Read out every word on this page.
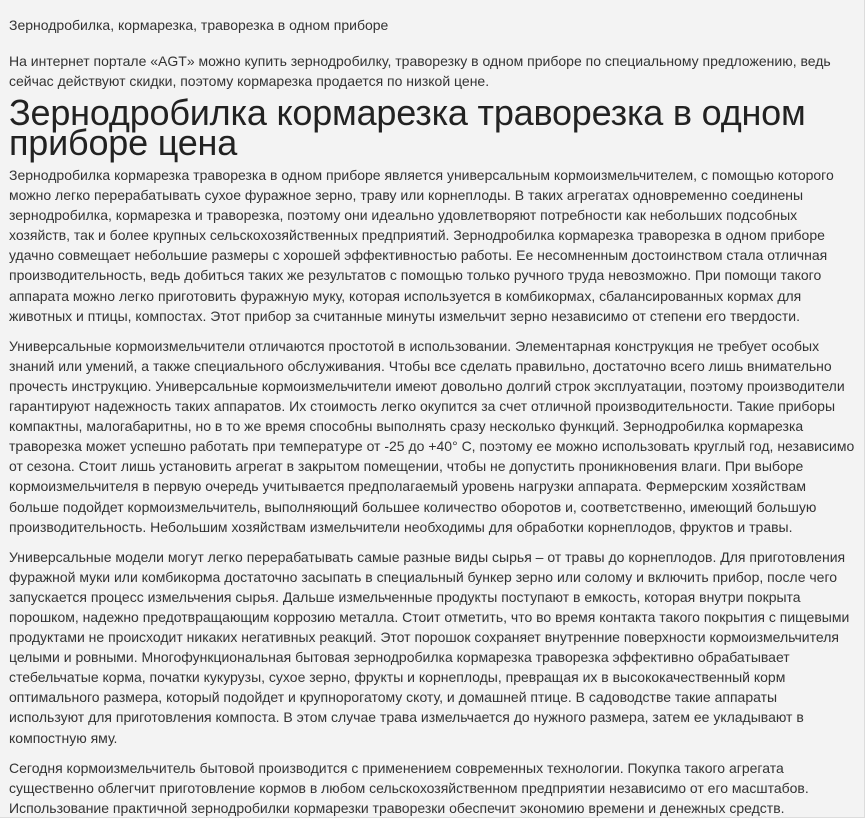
Зернодробилка, кормарезка, траворезка в одном приборе

На интернет портале «AGT» можно купить зернодробилку, траворезку в одном приборе по специальному предложению, ведь сейчас действуют скидки, поэтому кормарезка продается по низкой цене.

Зернодробилка кормарезка траворезка в одном приборе цена

Зернодробилка кормарезка траворезка в одном приборе является универсальным кормоизмельчителем, с помощью которого можно легко перерабатывать сухое фуражное зерно, траву или корнеплоды. В таких агрегатах одновременно соединены зернодробилка, кормарезка и траворезка, поэтому они идеально удовлетворяют потребности как небольших подсобных хозяйств, так и более крупных сельскохозяйственных предприятий. Зернодробилка кормарезка траворезка в одном приборе удачно совмещает небольшие размеры с хорошей эффективностью работы. Ее несомненным достоинством стала отличная производительность, ведь добиться таких же результатов с помощью только ручного труда невозможно. При помощи такого аппарата можно легко приготовить фуражную муку, которая используется в комбикормах, сбалансированных кормах для животных и птицы, компостах. Этот прибор за считанные минуты измельчит зерно независимо от степени его твердости.

Универсальные кормоизмельчители отличаются простотой в использовании. Элементарная конструкция не требует особых знаний или умений, а также специального обслуживания. Чтобы все сделать правильно, достаточно всего лишь внимательно прочесть инструкцию. Универсальные кормоизмельчители имеют довольно долгий строк эксплуатации, поэтому производители гарантируют надежность таких аппаратов. Их стоимость легко окупится за счет отличной производительности. Такие приборы компактны, малогабаритны, но в то же время способны выполнять сразу несколько функций. Зернодробилка кормарезка траворезка может успешно работать при температуре от -25 до +40° С, поэтому ее можно использовать круглый год, независимо от сезона. Стоит лишь установить агрегат в закрытом помещении, чтобы не допустить проникновения влаги. При выборе кормоизмельчителя в первую очередь учитывается предполагаемый уровень нагрузки аппарата. Фермерским хозяйствам больше подойдет кормоизмельчитель, выполняющий большее количество оборотов и, соответственно, имеющий большую производительность. Небольшим хозяйствам измельчители необходимы для обработки корнеплодов, фруктов и травы.

Универсальные модели могут легко перерабатывать самые разные виды сырья – от травы до корнеплодов. Для приготовления фуражной муки или комбикорма достаточно засыпать в специальный бункер зерно или солому и включить прибор, после чего запускается процесс измельчения сырья. Дальше измельченные продукты поступают в емкость, которая внутри покрыта порошком, надежно предотвращающим коррозию металла. Стоит отметить, что во время контакта такого покрытия с пищевыми продуктами не происходит никаких негативных реакций. Этот порошок сохраняет внутренние поверхности кормоизмельчителя целыми и ровными. Многофункциональная бытовая зернодробилка кормарезка траворезка эффективно обрабатывает стебельчатые корма, початки кукурузы, сухое зерно, фрукты и корнеплоды, превращая их в высококачественный корм оптимального размера, который подойдет и крупнорогатому скоту, и домашней птице. В садоводстве такие аппараты используют для приготовления компоста. В этом случае трава измельчается до нужного размера, затем ее укладывают в компостную яму.

Сегодня кормоизмельчитель бытовой производится с применением современных технологии. Покупка такого агрегата существенно облегчит приготовление кормов в любом сельскохозяйственном предприятии независимо от его масштабов. Использование практичной зернодробилки кормарезки траворезки обеспечит экономию времени и денежных средств.
